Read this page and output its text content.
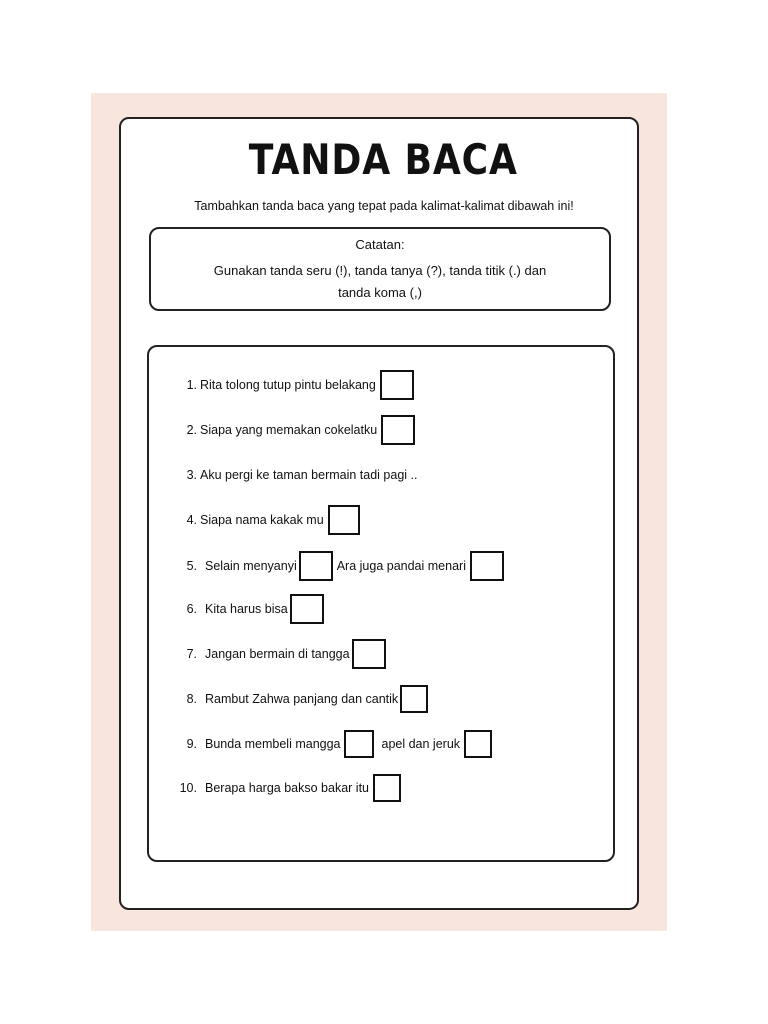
TANDA BACA
Tambahkan tanda baca yang tepat pada kalimat-kalimat dibawah ini!
Catatan:
Gunakan tanda seru (!), tanda tanya (?), tanda titik (.) dan
tanda koma (,)
1. Rita tolong tutup pintu belakang
2. Siapa yang memakan cokelatku
3. Aku pergi ke taman bermain tadi pagi ..
4. Siapa nama kakak mu
5. Selain menyanyi	Ara juga pandai menari
6. Kita harus bisa
7. Jangan bermain di tangga
8. Rambut Zahwa panjang dan cantik
9. Bunda membeli mangga	apel dan jeruk
10. Berapa harga bakso bakar itu
